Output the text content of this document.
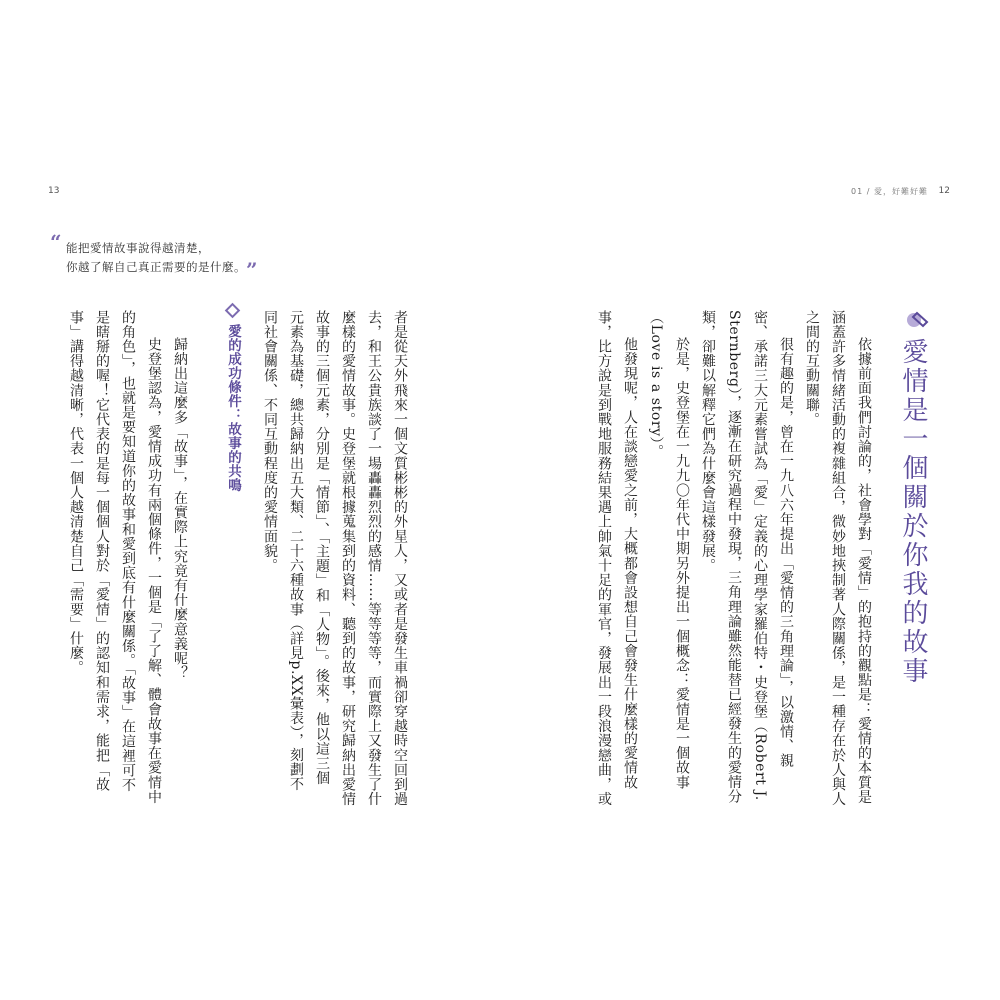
13	01 / 愛，好難好難 12
“ 能把愛情故事說得越清楚，
你越了解自己真正需要的是什麼。 ”
愛情是一個關於你我的故事
依據前面我們討論的，社會學對「愛情」的抱持的觀點是：愛情的本質是
涵蓋許多情緒活動的複雜組合，微妙地挾制著人際關係，是一種存在於人與人
之間的互動關聯。
很有趣的是，曾在一九八六年提出「愛情的三角理論」，以激情、親
密、承諾三大元素嘗試為「愛」定義的心理學家羅伯特・史登堡（Robert J.
Sternberg），逐漸在研究過程中發現，三角理論雖然能替已經發生的愛情分
類，卻難以解釋它們為什麼會這樣發展。
於是，史登堡在一九九〇年代中期另外提出一個概念：愛情是一個故事
（Love is a story）。
他發現呢，人在談戀愛之前，大概都會設想自己會發生什麼樣的愛情故
事，比方說是到戰地服務結果遇上帥氣十足的軍官，發展出一段浪漫戀曲，或
者是從天外飛來一個文質彬彬的外星人，又或者是發生車禍卻穿越時空回到過
去，和王公貴族談了一場轟轟烈烈的感情……等等等等，而實際上又發生了什
麼樣的愛情故事。史登堡就根據蒐集到的資料、聽到的故事，研究歸納出愛情
故事的三個元素，分別是「情節」、「主題」和「人物」。後來，他以這三個
元素為基礎，總共歸納出五大類、二十六種故事（詳見p.XX彙表），刻劃不
同社會關係、不同互動程度的愛情面貌。
愛的成功條件：故事的共鳴
歸納出這麼多「故事」，在實際上究竟有什麼意義呢？
史登堡認為，愛情成功有兩個條件，一個是「了了解、體會故事在愛情中
的角色」，也就是要知道你的故事和愛到底有什麼關係。「故事」在這裡可不
是瞎掰的喔！它代表的是每一個個人對於「愛情」的認知和需求，能把「故
事」講得越清晰，代表一個人越清楚自己「需要」什麼。
